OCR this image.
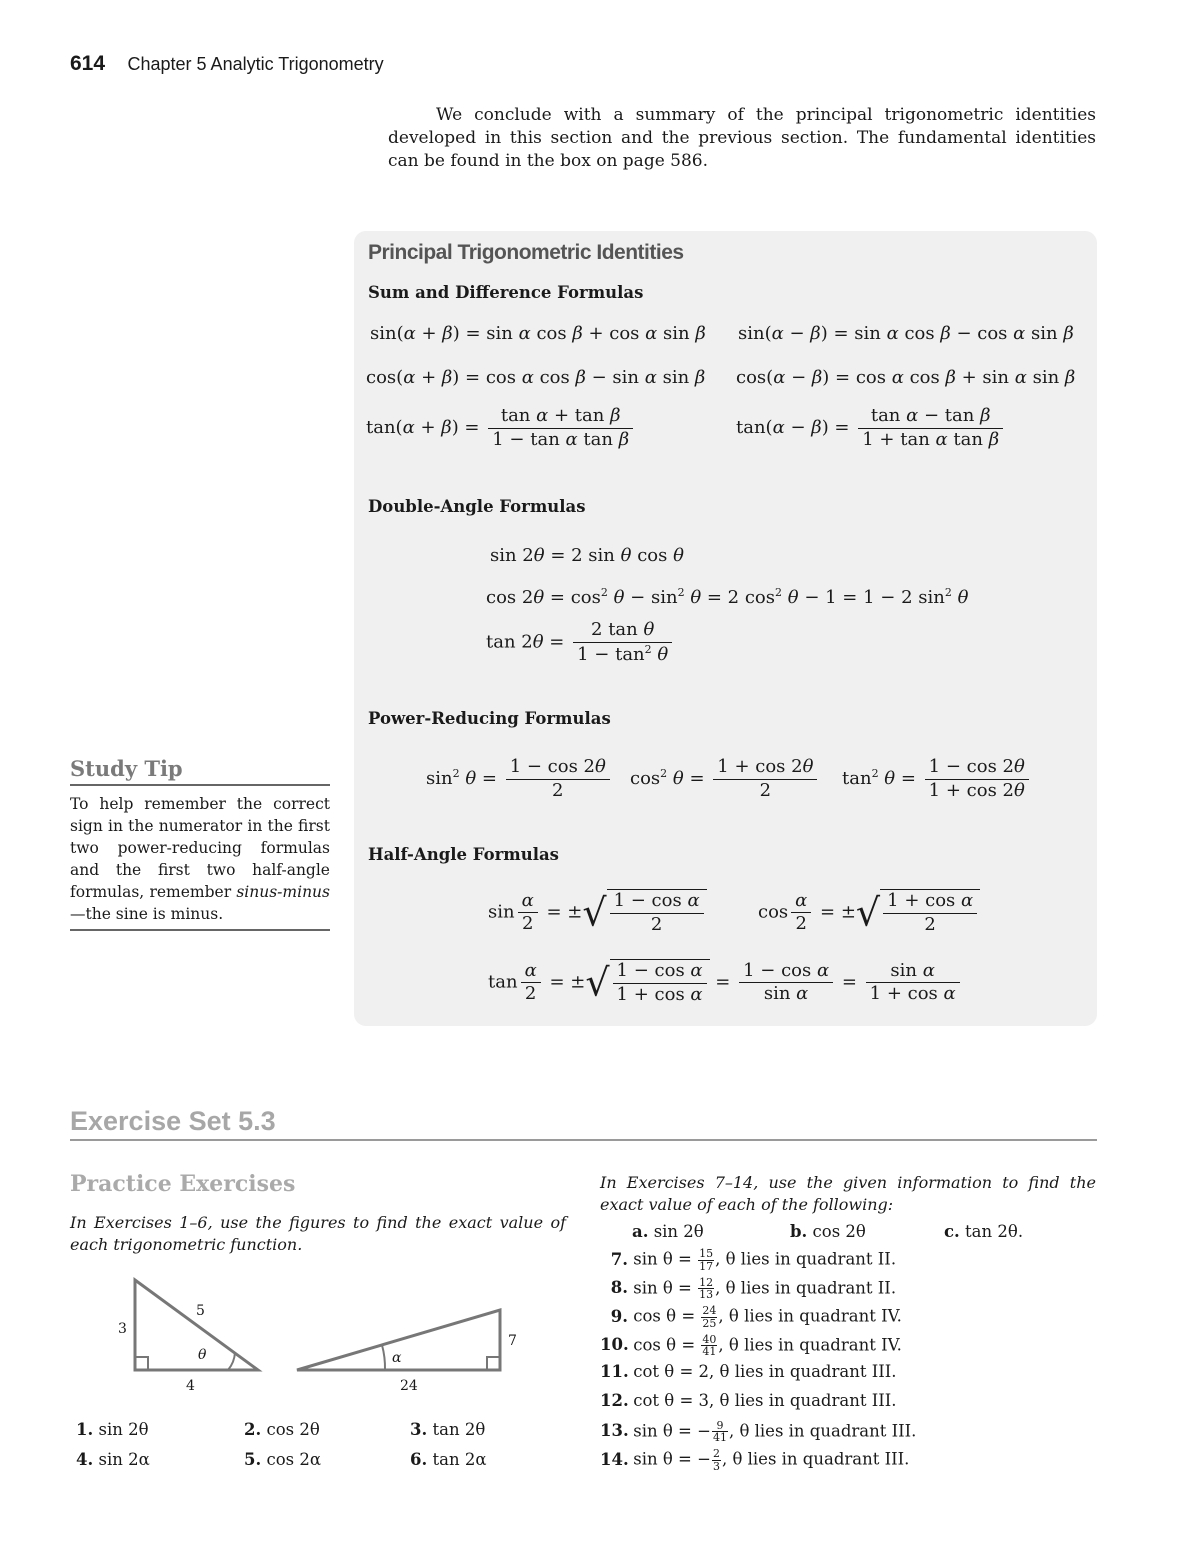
614 Chapter 5 Analytic Trigonometry
We conclude with a summary of the principal trigonometric identities developed in this section and the previous section. The fundamental identities can be found in the box on page 586.
Principal Trigonometric Identities
Sum and Difference Formulas
sin(α + β) = sin α cos β + cos α sin β sin(α − β) = sin α cos β − cos α sin β
cos(α + β) = cos α cos β − sin α sin β cos(α − β) = cos α cos β + sin α sin β
$\tan(\alpha + \beta) = \frac{\text{tan α + tan β}}{\text{1 − tan α tan β}}$	$\tan(\alpha - \beta) = \frac{\text{tan α − tan β}}{\text{1 + tan α tan β}}$
Double-Angle Formulas
sin 2θ = 2 sin θ cos θ
$\cos 2\theta = \cos^2 \theta - \sin^2 \theta = 2$ $\cos^2 \theta - 1 = 1 - 2$ $\sin^2 \theta$
$\tan 2\theta = \frac{\text{2 tan θ}}{1 - \tan^2 \theta}$
Power-Reducing Formulas
$\sin^2 \theta = \frac{1 - \cos 2\theta}{2} \cos^2 \theta = \frac{1 + \cos 2\theta}{2} \tan^2 \theta = \frac{1 - \cos 2\theta}{1 + \cos 2\theta}$
Half-Angle Formulas
$\sin \frac{\alpha}{2}$ = ±√ $\frac{\text{1 − cos α}}{2}$	$\cos \frac{\alpha}{2}$ = ±√ $\frac{\text{1 + cos α}}{2}$
$\tan \frac{\alpha}{2}$ = ±√ $\frac{\text{1 − cos α}}{\text{1 + cos α}} = \frac{\text{1 − cos α}}{\text{sin α}} = \frac{\text{sin α}}{\text{1 + cos α}}$
Study Tip
To help remember the correct sign in the numerator in the first two power-reducing formulas and the first two half-angle formulas, remember sinus-minus—the sine is minus.
Exercise Set 5.3
Practice Exercises
In Exercises 1–6, use the figures to find the exact value of each trigonometric function.
3
5
4
θ
7
24
α
1. sin 2θ	2. cos 2θ	3. tan 2θ
4. sin 2α	5. cos 2α	6. tan 2α
In Exercises 7–14, use the given information to find the exact value of each of the following:
a. sin 2θ	b. cos 2θ	c. tan 2θ.
7. $\sin \theta = \frac{15}{17}$ , θ lies in quadrant II.
8. $\sin \theta = \frac{12}{13}$ , θ lies in quadrant II.
9. $\cos \theta = \frac{24}{25}$ , θ lies in quadrant IV.
10. $\cos \theta = \frac{40}{41}$ , θ lies in quadrant IV.
11. cot θ = 2, θ lies in quadrant III.
12. cot θ = 3, θ lies in quadrant III.
13. sin θ = − $\frac{9}{41}$ , θ lies in quadrant III.
14. sin θ = − $\frac{2}{3}$ , θ lies in quadrant III.
